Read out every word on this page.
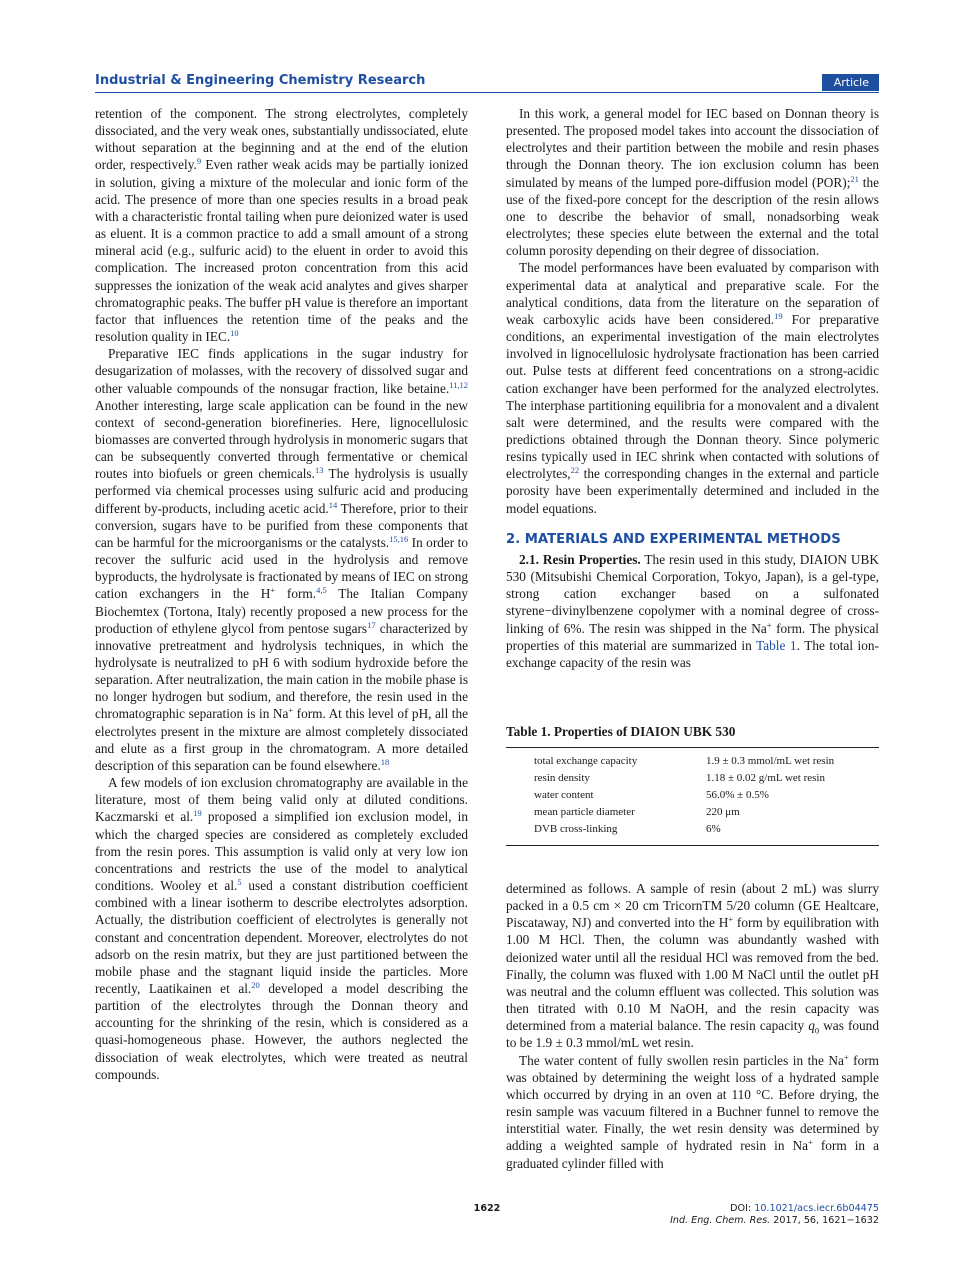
Industrial & Engineering Chemistry Research	Article

retention of the component. The strong electrolytes, completely dissociated, and the very weak ones, substantially undissociated, elute without separation at the beginning and at the end of the elution order, respectively.$^9$ Even rather weak acids may be partially ionized in solution, giving a mixture of the molecular and ionic form of the acid. The presence of more than one species results in a broad peak with a characteristic frontal tailing when pure deionized water is used as eluent. It is a common practice to add a small amount of a strong mineral acid (e.g., sulfuric acid) to the eluent in order to avoid this complication. The increased proton concentration from this acid suppresses the ionization of the weak acid analytes and gives sharper chromatographic peaks. The buffer pH value is therefore an important factor that influences the retention time of the peaks and the resolution quality in IEC.$^{10}$

Preparative IEC finds applications in the sugar industry for desugarization of molasses, with the recovery of dissolved sugar and other valuable compounds of the nonsugar fraction, like betaine.$^{11,12}$ Another interesting, large scale application can be found in the new context of second-generation biorefineries. Here, lignocellulosic biomasses are converted through hydrolysis in monomeric sugars that can be subsequently converted through fermentative or chemical routes into biofuels or green chemicals.$^{13}$ The hydrolysis is usually performed via chemical processes using sulfuric acid and producing different by-products, including acetic acid.$^{14}$ Therefore, prior to their conversion, sugars have to be purified from these components that can be harmful for the microorganisms or the catalysts.$^{15,16}$ In order to recover the sulfuric acid used in the hydrolysis and remove byproducts, the hydrolysate is fractionated by means of IEC on strong cation exchangers in the H+ form.$^{4,5}$ The Italian Company Biochemtex (Tortona, Italy) recently proposed a new process for the production of ethylene glycol from pentose sugars$^{17}$ characterized by innovative pretreatment and hydrolysis techniques, in which the hydrolysate is neutralized to pH 6 with sodium hydroxide before the separation. After neutralization, the main cation in the mobile phase is no longer hydrogen but sodium, and therefore, the resin used in the chromatographic separation is in Na+ form. At this level of pH, all the electrolytes present in the mixture are almost completely dissociated and elute as a first group in the chromatogram. A more detailed description of this separation can be found elsewhere.$^{18}$

A few models of ion exclusion chromatography are available in the literature, most of them being valid only at diluted conditions. Kaczmarski et al.$^{19}$ proposed a simplified ion exclusion model, in which the charged species are considered as completely excluded from the resin pores. This assumption is valid only at very low ion concentrations and restricts the use of the model to analytical conditions. Wooley et al.$^5$ used a constant distribution coefficient combined with a linear isotherm to describe electrolytes adsorption. Actually, the distribution coefficient of electrolytes is generally not constant and concentration dependent. Moreover, electrolytes do not adsorb on the resin matrix, but they are just partitioned between the mobile phase and the stagnant liquid inside the particles. More recently, Laatikainen et al.$^{20}$ developed a model describing the partition of the electrolytes through the Donnan theory and accounting for the shrinking of the resin, which is considered as a quasi-homogeneous phase. However, the authors neglected the dissociation of weak electrolytes, which were treated as neutral compounds.

In this work, a general model for IEC based on Donnan theory is presented. The proposed model takes into account the dissociation of electrolytes and their partition between the mobile and resin phases through the Donnan theory. The ion exclusion column has been simulated by means of the lumped pore-diffusion model (POR);$^{21}$ the use of the fixed-pore concept for the description of the resin allows one to describe the behavior of small, nonadsorbing weak electrolytes; these species elute between the external and the total column porosity depending on their degree of dissociation.

The model performances have been evaluated by comparison with experimental data at analytical and preparative scale. For the analytical conditions, data from the literature on the separation of weak carboxylic acids have been considered.$^{19}$ For preparative conditions, an experimental investigation of the main electrolytes involved in lignocellulosic hydrolysate fractionation has been carried out. Pulse tests at different feed concentrations on a strong-acidic cation exchanger have been performed for the analyzed electrolytes. The interphase partitioning equilibria for a monovalent and a divalent salt were determined, and the results were compared with the predictions obtained through the Donnan theory. Since polymeric resins typically used in IEC shrink when contacted with solutions of electrolytes,$^{22}$ the corresponding changes in the external and particle porosity have been experimentally determined and included in the model equations.

2. MATERIALS AND EXPERIMENTAL METHODS

2.1. Resin Properties. The resin used in this study, DIAION UBK 530 (Mitsubishi Chemical Corporation, Tokyo, Japan), is a gel-type, strong cation exchanger based on a sulfonated styrene−divinylbenzene copolymer with a nominal degree of cross-linking of 6%. The resin was shipped in the Na+ form. The physical properties of this material are summarized in Table 1. The total ion-exchange capacity of the resin was

Table 1. Properties of DIAION UBK 530
total exchange capacity	1.9 ± 0.3 mmol/mL wet resin
resin density	1.18 ± 0.02 g/mL wet resin
water content	56.0% ± 0.5%
mean particle diameter	220 μm
DVB cross-linking	6%

determined as follows. A sample of resin (about 2 mL) was slurry packed in a 0.5 cm × 20 cm TricornTM 5/20 column (GE Healtcare, Piscataway, NJ) and converted into the H+ form by equilibration with 1.00 M HCl. Then, the column was abundantly washed with deionized water until all the residual HCl was removed from the bed. Finally, the column was fluxed with 1.00 M NaCl until the outlet pH was neutral and the column effluent was collected. This solution was then titrated with 0.10 M NaOH, and the resin capacity was determined from a material balance. The resin capacity $q_0$ was found to be 1.9 ± 0.3 mmol/mL wet resin.

The water content of fully swollen resin particles in the Na+ form was obtained by determining the weight loss of a hydrated sample which occurred by drying in an oven at 110 °C. Before drying, the resin sample was vacuum filtered in a Buchner funnel to remove the interstitial water. Finally, the wet resin density was determined by adding a weighted sample of hydrated resin in Na+ form in a graduated cylinder filled with

1622	DOI: 10.1021/acs.iecr.6b04475
Ind. Eng. Chem. Res. 2017, 56, 1621−1632
